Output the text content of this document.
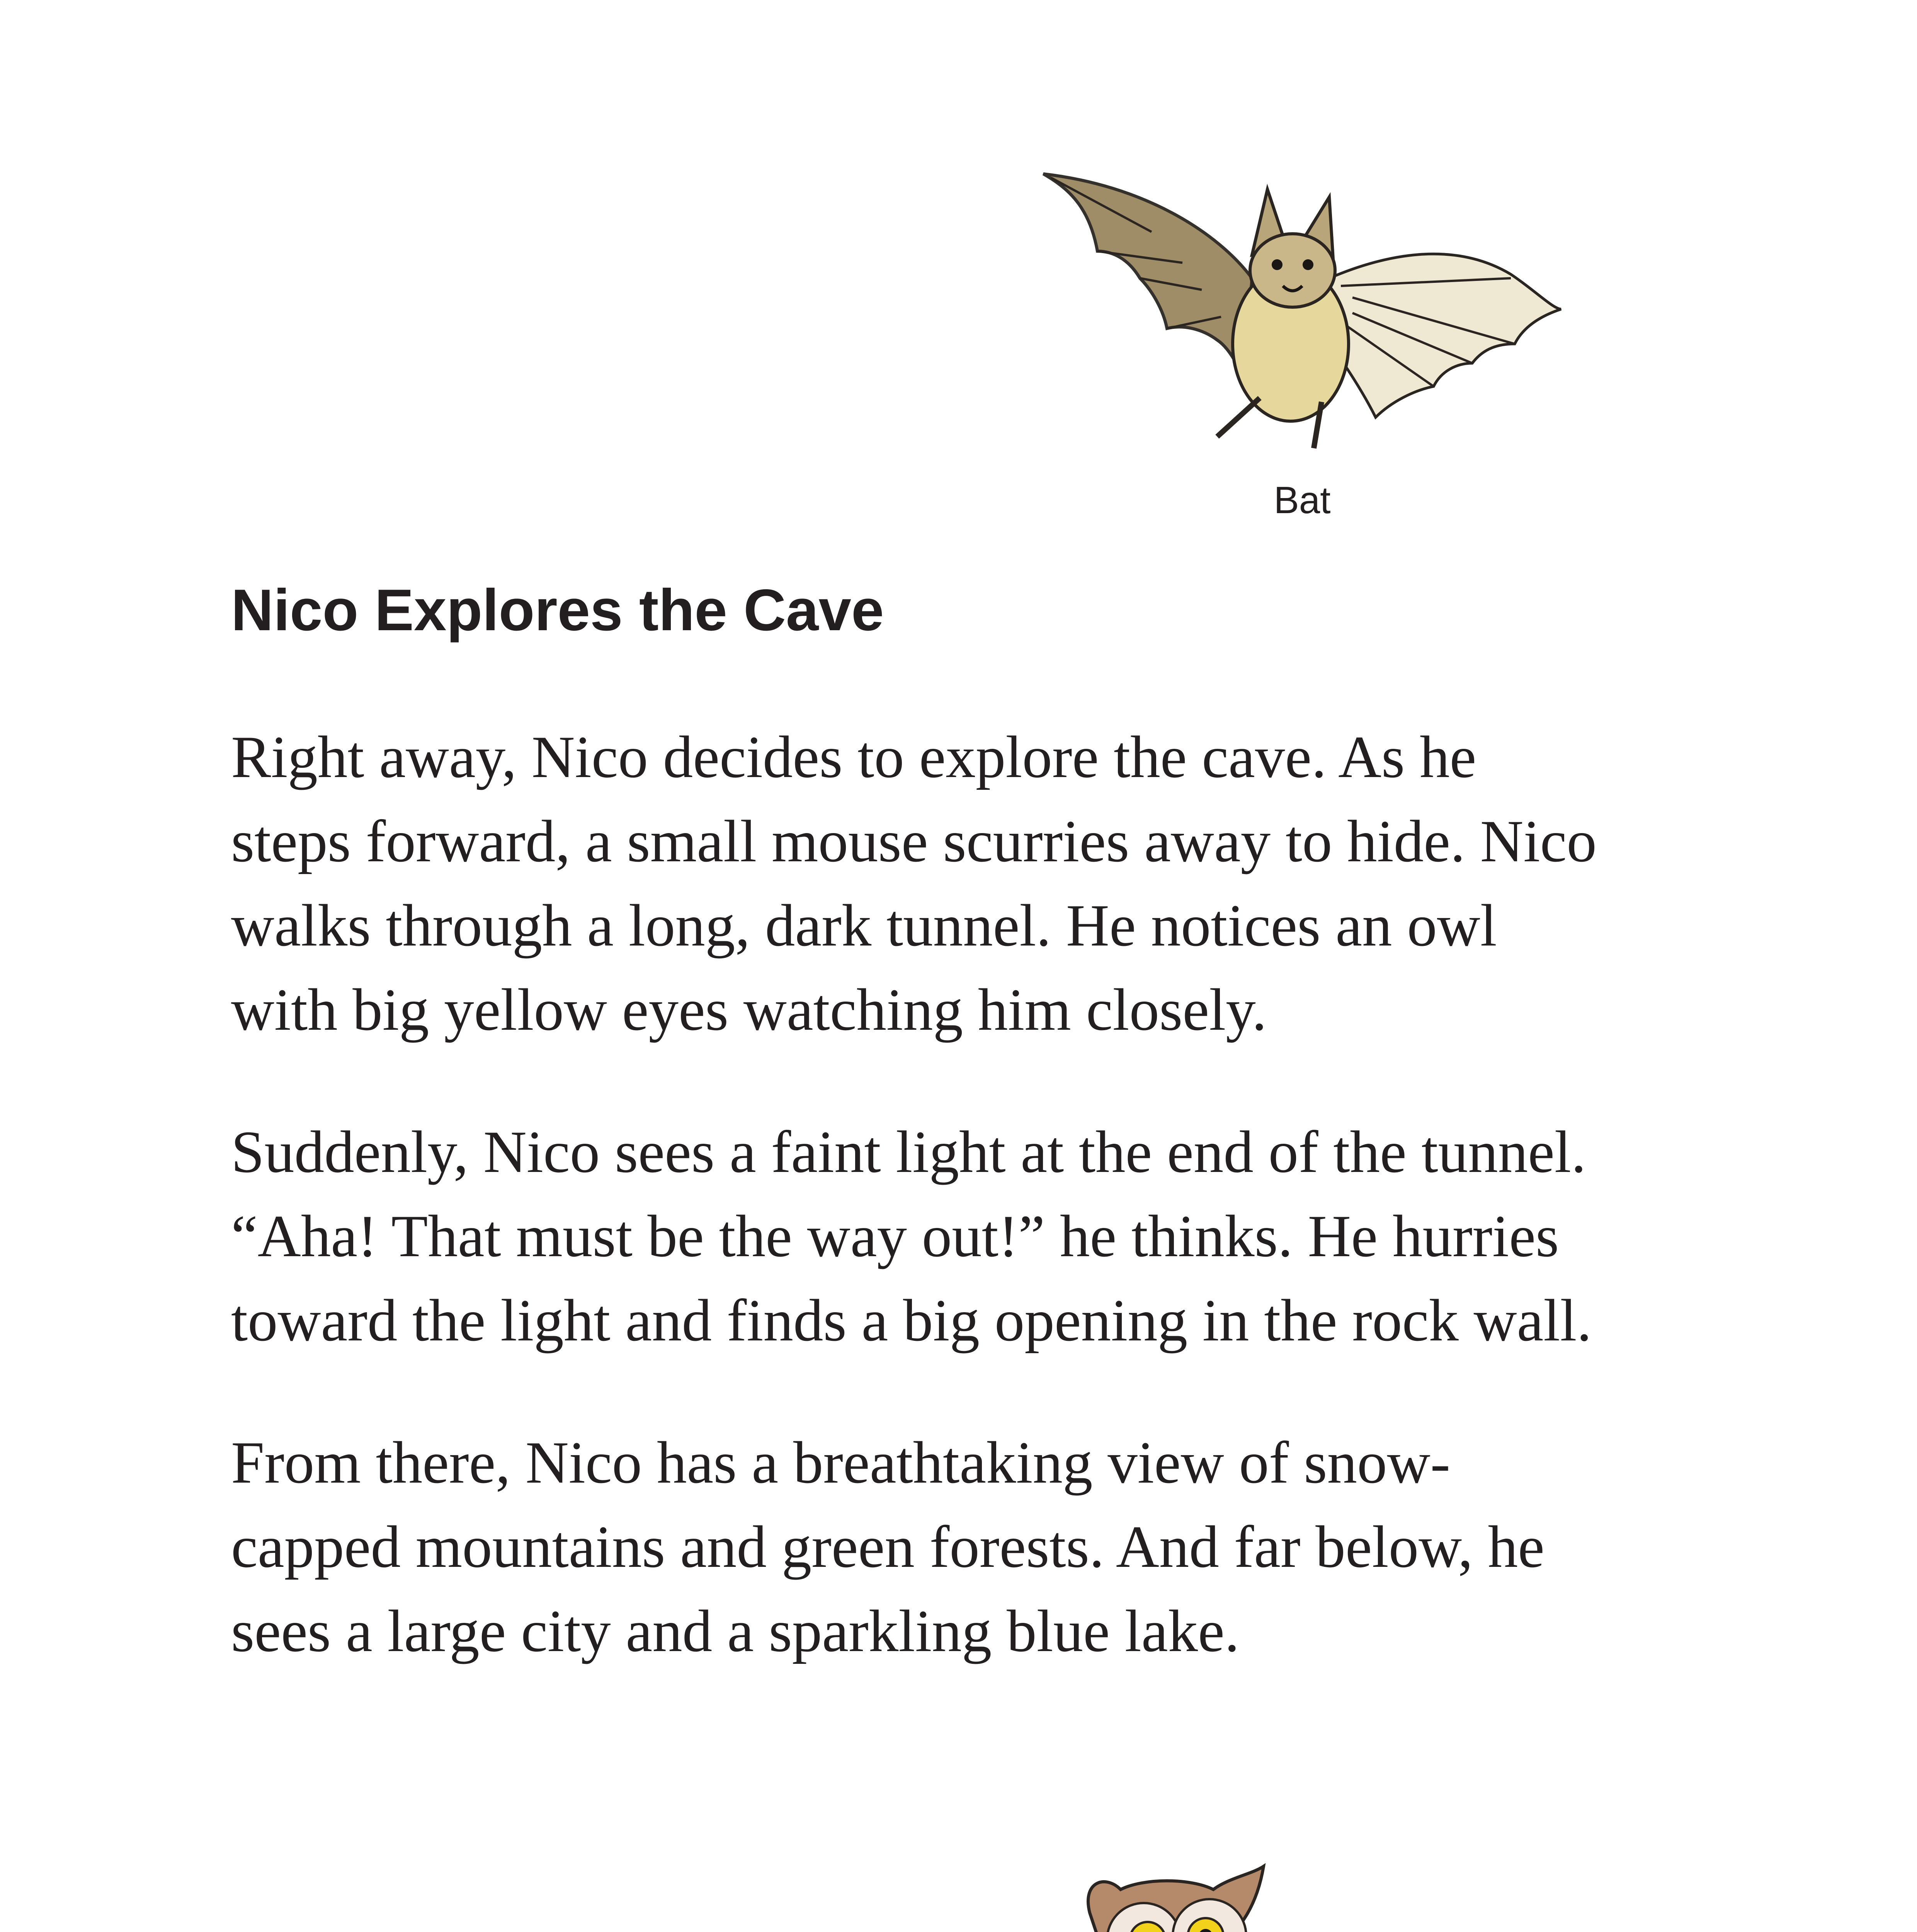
Bat
Nico Explores the Cave

Right away, Nico decides to explore the cave. As he steps forward, a small mouse scurries away to hide. Nico walks through a long, dark tunnel. He notices an owl with big yellow eyes watching him closely.

Suddenly, Nico sees a faint light at the end of the tunnel. “Aha! That must be the way out!” he thinks. He hurries toward the light and finds a big opening in the rock wall.

From there, Nico has a breathtaking view of snow-capped mountains and green forests. And far below, he sees a large city and a sparkling blue lake.
